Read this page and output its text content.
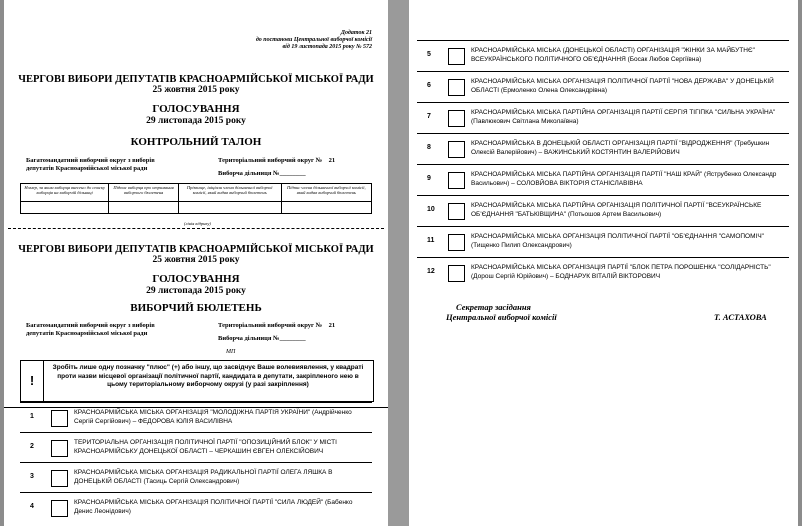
Додаток 21
до постанови Центральної виборчої комісії
від 19 листопада 2015 року № 572
ЧЕРГОВІ ВИБОРИ ДЕПУТАТІВ КРАСНОАРМІЙСЬКОЇ МІСЬКОЇ РАДИ
25 жовтня 2015 року
ГОЛОСУВАННЯ
29 листопада 2015 року
КОНТРОЛЬНИЙ ТАЛОН
Багатомандатний виборчий округ з виборів
депутатів Красноармійської міської ради
Територіальний виборчий округ № 21
Виборча дільниця №________
Номер, за яким виборця внесено до списку виборців на виборчій дільниці	Підпис виборця про отримання виборчого бюлетеня	Прізвище, ініціали члена дільничної виборчої комісії, який видав виборчий бюлетень	Підпис члена дільничної виборчої комісії, який видав виборчий бюлетень

(лінія відриву)
ЧЕРГОВІ ВИБОРИ ДЕПУТАТІВ КРАСНОАРМІЙСЬКОЇ МІСЬКОЇ РАДИ
25 жовтня 2015 року
ГОЛОСУВАННЯ
29 листопада 2015 року
ВИБОРЧИЙ БЮЛЕТЕНЬ
Багатомандатний виборчий округ з виборів
депутатів Красноармійської міської ради
Територіальний виборчий округ № 21
Виборча дільниця №________
МП
!
Зробіть лише одну позначку "плюс" (+) або іншу, що засвідчує Ваше волевиявлення, у квадраті проти назви місцевої організації політичної партії, кандидата в депутати, закріпленого нею в цьому територіальному виборчому окрузі (у разі закріплення)
1
КРАСНОАРМІЙСЬКА МІСЬКА ОРГАНІЗАЦІЯ "МОЛОДІЖНА ПАРТІЯ УКРАЇНИ" (Андрійченко Сергій Сергійович) – ФЕДОРОВА ЮЛІЯ ВАСИЛІВНА
2
ТЕРИТОРІАЛЬНА ОРГАНІЗАЦІЯ ПОЛІТИЧНОЇ ПАРТІЇ "ОПОЗИЦІЙНИЙ БЛОК" У МІСТІ КРАСНОАРМІЙСЬКУ ДОНЕЦЬКОЇ ОБЛАСТІ – ЧЕРКАШИН ЄВГЕН ОЛЕКСІЙОВИЧ
3
КРАСНОАРМІЙСЬКА МІСЬКА ОРГАНІЗАЦІЯ РАДИКАЛЬНОЇ ПАРТІЇ ОЛЕГА ЛЯШКА В ДОНЕЦЬКІЙ ОБЛАСТІ (Тасиць Сергій Олександрович)
4
КРАСНОАРМІЙСЬКА МІСЬКА ОРГАНІЗАЦІЯ ПОЛІТИЧНОЇ ПАРТІЇ "СИЛА ЛЮДЕЙ" (Бабенко Денис Леонідович)
5
КРАСНОАРМІЙСЬКА МІСЬКА (ДОНЕЦЬКОЇ ОБЛАСТІ) ОРГАНІЗАЦІЯ "ЖІНКИ ЗА МАЙБУТНЄ" ВСЕУКРАЇНСЬКОГО ПОЛІТИЧНОГО ОБ'ЄДНАННЯ (Босак Любов Сергіївна)
6
КРАСНОАРМІЙСЬКА МІСЬКА ОРГАНІЗАЦІЯ ПОЛІТИЧНОЇ ПАРТІЇ "НОВА ДЕРЖАВА" У ДОНЕЦЬКІЙ ОБЛАСТІ (Ермоленко Олена Олександрівна)
7
КРАСНОАРМІЙСЬКА МІСЬКА ПАРТІЙНА ОРГАНІЗАЦІЯ ПАРТІЇ СЕРГІЯ ТІГІПКА "СИЛЬНА УКРАЇНА" (Павлюкович Світлана Миколаївна)
8
КРАСНОАРМІЙСЬКА В ДОНЕЦЬКІЙ ОБЛАСТІ ОРГАНІЗАЦІЯ ПАРТІЇ "ВІДРОДЖЕННЯ" (Требушкин Олексій Валерійович) – ВАЖИНСЬКИЙ КОСТЯНТИН ВАЛЕРІЙОВИЧ
9
КРАСНОАРМІЙСЬКА МІСЬКА ПАРТІЙНА ОРГАНІЗАЦІЯ ПАРТІЇ "НАШ КРАЙ" (Яструбенко Олександр Васильович) – СОЛОВЙОВА ВІКТОРІЯ СТАНІСЛАВІВНА
10
КРАСНОАРМІЙСЬКА МІСЬКА ПАРТІЙНА ОРГАНІЗАЦІЯ ПОЛІТИЧНОЇ ПАРТІЇ "ВСЕУКРАЇНСЬКЕ ОБ'ЄДНАННЯ "БАТЬКІВЩИНА" (Потьошов Артем Васильович)
11
КРАСНОАРМІЙСЬКА МІСЬКА ОРГАНІЗАЦІЯ ПОЛІТИЧНОЇ ПАРТІЇ "ОБ'ЄДНАННЯ "САМОПОМІЧ" (Тищенко Пилип Олександрович)
12
КРАСНОАРМІЙСЬКА МІСЬКА ОРГАНІЗАЦІЯ ПАРТІЇ "БЛОК ПЕТРА ПОРОШЕНКА "СОЛІДАРНІСТЬ" (Дорош Сергій Юрійович) – БОДНАРУК ВІТАЛІЙ ВІКТОРОВИЧ
Секретар засідання
Центральної виборчої комісії	Т. АСТАХОВА
